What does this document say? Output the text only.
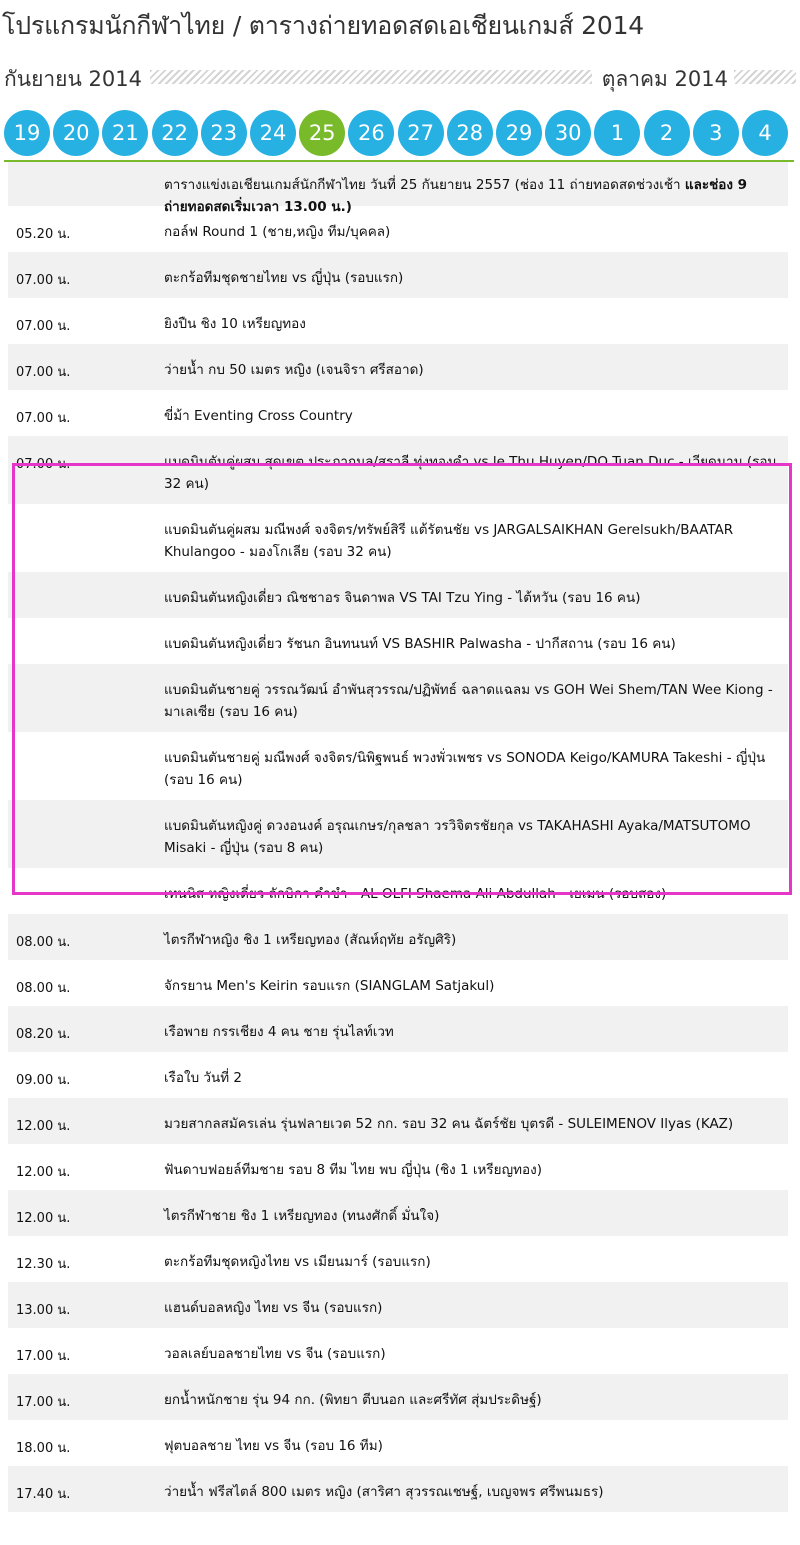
โปรแกรมนักกีฬาไทย / ตารางถ่ายทอดสดเอเชียนเกมส์ 2014
กันยายน 2014	ตุลาคม 2014
19	20	21	22	23	24	25	26	27	28	29	30	1	2	3	4
ตารางแข่งเอเชียนเกมส์นักกีฬาไทย วันที่ 25 กันยายน 2557 (ช่อง 11 ถ่ายทอดสดช่วงเช้า และช่อง 9 ถ่ายทอดสดเริ่มเวลา 13.00 น.)
05.20 น.	กอล์ฟ Round 1 (ชาย,หญิง ทีม/บุคคล)
07.00 น.	ตะกร้อทีมชุดชายไทย vs ญี่ปุ่น (รอบแรก)
07.00 น.	ยิงปืน ชิง 10 เหรียญทอง
07.00 น.	ว่ายน้ำ กบ 50 เมตร หญิง (เจนจิรา ศรีสอาด)
07.00 น.	ขี่ม้า Eventing Cross Country
07.00 น.	แบดมินตันคู่ผสม สุดเขต ประภากมล/สราลี ทุ่งทองคำ vs le Thu Huyen/DO Tuan Duc - เวียดนาม (รอบ 32 คน)
แบดมินตันคู่ผสม มณีพงศ์ จงจิตร/ทรัพย์สิรี แต้รัตนชัย vs JARGALSAIKHAN Gerelsukh/BAATAR Khulangoo - มองโกเลีย (รอบ 32 คน)
แบดมินตันหญิงเดี่ยว ณิชชาอร จินดาพล VS TAI Tzu Ying - ไต้หวัน (รอบ 16 คน)
แบดมินตันหญิงเดี่ยว รัชนก อินทนนท์ VS BASHIR Palwasha - ปากีสถาน (รอบ 16 คน)
แบดมินตันชายคู่ วรรณวัฒน์ อำพันสุวรรณ/ปฏิพัทธ์ ฉลาดแฉลม vs GOH Wei Shem/TAN Wee Kiong - มาเลเซีย (รอบ 16 คน)
แบดมินตันชายคู่ มณีพงศ์ จงจิตร/นิพิฐพนธ์ พวงพั่วเพชร vs SONODA Keigo/KAMURA Takeshi - ญี่ปุ่น (รอบ 16 คน)
แบดมินตันหญิงคู่ ดวงอนงค์ อรุณเกษร/กุลชลา วรวิจิตรชัยกุล vs TAKAHASHI Ayaka/MATSUTOMO Misaki - ญี่ปุ่น (รอบ 8 คน)
เทนนิส หญิงเดี่ยว ลักษิกา คำขำ - AL OLFI Shaema Ali Abdullah - เยเมน (รอบสอง)
08.00 น.	ไตรกีฬาหญิง ชิง 1 เหรียญทอง (สัณห์ฤทัย อรัญศิริ)
08.00 น.	จักรยาน Men's Keirin รอบแรก (SIANGLAM Satjakul)
08.20 น.	เรือพาย กรรเชียง 4 คน ชาย รุ่นไลท์เวท
09.00 น.	เรือใบ วันที่ 2
12.00 น.	มวยสากลสมัครเล่น รุ่นฟลายเวต 52 กก. รอบ 32 คน ฉัตร์ชัย บุตรดี - SULEIMENOV Ilyas (KAZ)
12.00 น.	ฟันดาบฟอยล์ทีมชาย รอบ 8 ทีม ไทย พบ ญี่ปุ่น (ชิง 1 เหรียญทอง)
12.00 น.	ไตรกีฬาชาย ชิง 1 เหรียญทอง (ทนงศักดิ์ มั่นใจ)
12.30 น.	ตะกร้อทีมชุดหญิงไทย vs เมียนมาร์ (รอบแรก)
13.00 น.	แฮนด์บอลหญิง ไทย vs จีน (รอบแรก)
17.00 น.	วอลเลย์บอลชายไทย vs จีน (รอบแรก)
17.00 น.	ยกน้ำหนักชาย รุ่น 94 กก. (พิทยา ตีบนอก และศรีทัศ สุ่มประดิษฐ์)
18.00 น.	ฟุตบอลชาย ไทย vs จีน (รอบ 16 ทีม)
17.40 น.	ว่ายน้ำ ฟรีสไตล์ 800 เมตร หญิง (สาริศา สุวรรณเชษฐ์, เบญจพร ศรีพนมธร)
